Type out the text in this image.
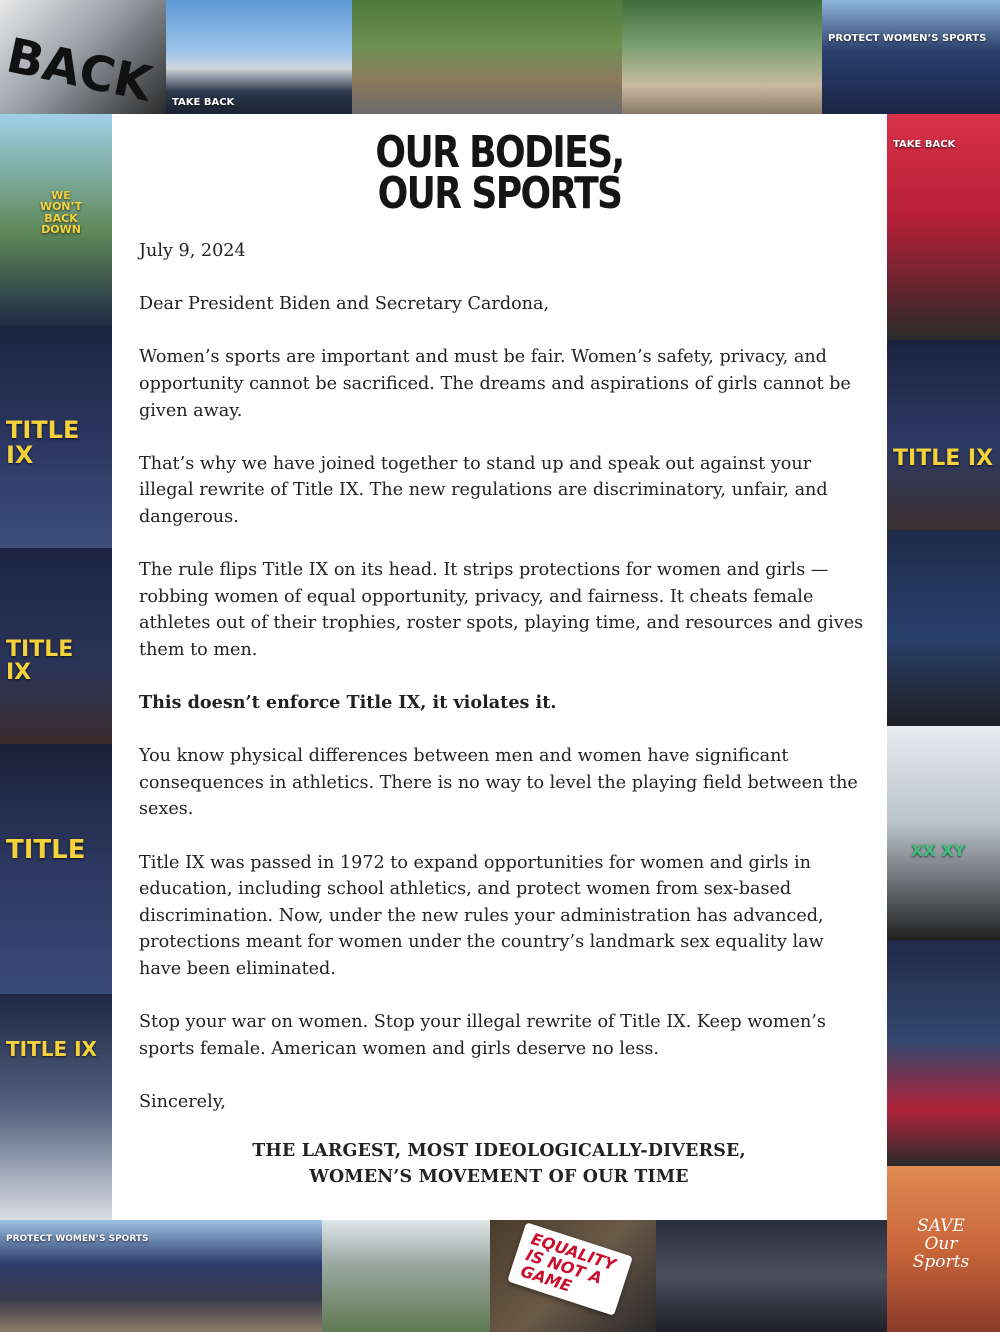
BACK	TAKE BACK
PROTECT WOMEN’S SPORTS
WE WON’T BACK DOWN
TITLE IX
TITLE IX
TITLE
TITLE IX
TAKE BACK
TITLE IX
XX XY
SAVE Our Sports
PROTECT WOMEN’S SPORTS	EQUALITY IS NOT A GAME
OUR BODIES,
OUR SPORTS

July 9, 2024

Dear President Biden and Secretary Cardona,

Women’s sports are important and must be fair. Women’s safety, privacy, and opportunity cannot be sacrificed. The dreams and aspirations of girls cannot be given away.

That’s why we have joined together to stand up and speak out against your illegal rewrite of Title IX. The new regulations are discriminatory, unfair, and dangerous.

The rule flips Title IX on its head. It strips protections for women and girls — robbing women of equal opportunity, privacy, and fairness. It cheats female athletes out of their trophies, roster spots, playing time, and resources and gives them to men.

This doesn’t enforce Title IX, it violates it.

You know physical differences between men and women have significant consequences in athletics. There is no way to level the playing field between the sexes.

Title IX was passed in 1972 to expand opportunities for women and girls in education, including school athletics, and protect women from sex-based discrimination. Now, under the new rules your administration has advanced, protections meant for women under the country’s landmark sex equality law have been eliminated.

Stop your war on women. Stop your illegal rewrite of Title IX. Keep women’s sports female. American women and girls deserve no less.

Sincerely,

THE LARGEST, MOST IDEOLOGICALLY-DIVERSE,

WOMEN’S MOVEMENT OF OUR TIME
